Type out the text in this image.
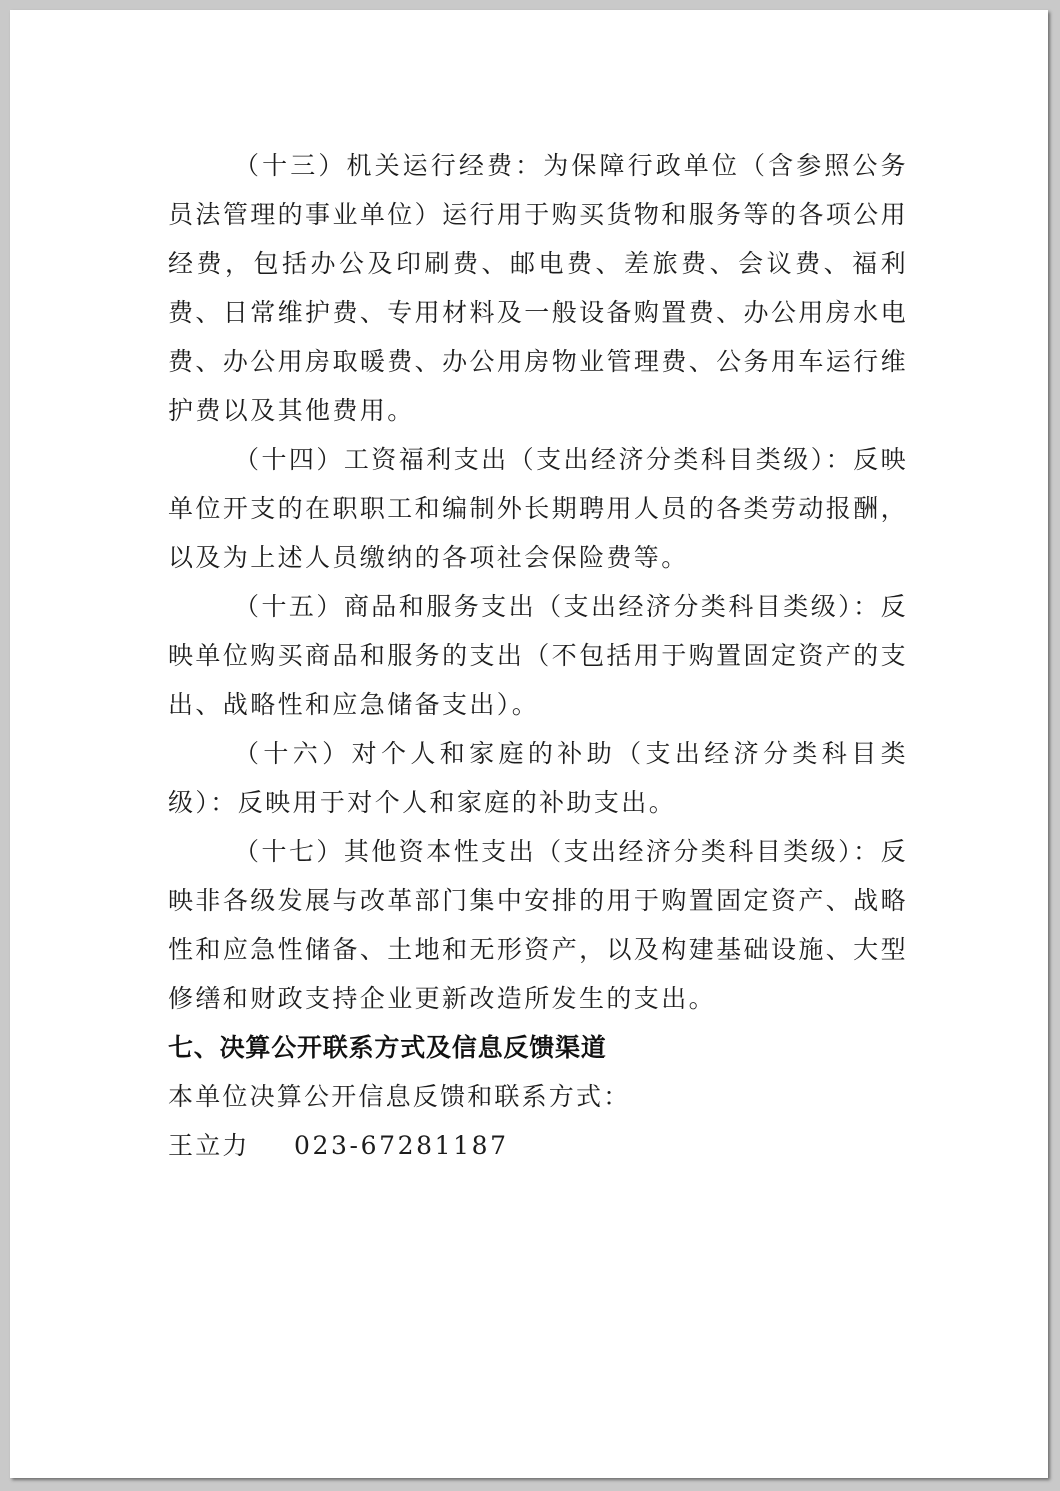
（十三）机关运行经费：为保障行政单位（含参照公务员法管理的事业单位）运行用于购买货物和服务等的各项公用经费，包括办公及印刷费、邮电费、差旅费、会议费、福利费、日常维护费、专用材料及一般设备购置费、办公用房水电费、办公用房取暖费、办公用房物业管理费、公务用车运行维护费以及其他费用。

（十四）工资福利支出（支出经济分类科目类级）：反映单位开支的在职职工和编制外长期聘用人员的各类劳动报酬，以及为上述人员缴纳的各项社会保险费等。

（十五）商品和服务支出（支出经济分类科目类级）：反映单位购买商品和服务的支出（不包括用于购置固定资产的支出、战略性和应急储备支出）。

（十六）对个人和家庭的补助（支出经济分类科目类级）：反映用于对个人和家庭的补助支出。

（十七）其他资本性支出（支出经济分类科目类级）：反映非各级发展与改革部门集中安排的用于购置固定资产、战略性和应急性储备、土地和无形资产，以及构建基础设施、大型修缮和财政支持企业更新改造所发生的支出。

七、决算公开联系方式及信息反馈渠道

本单位决算公开信息反馈和联系方式：

王立力	023-67281187
